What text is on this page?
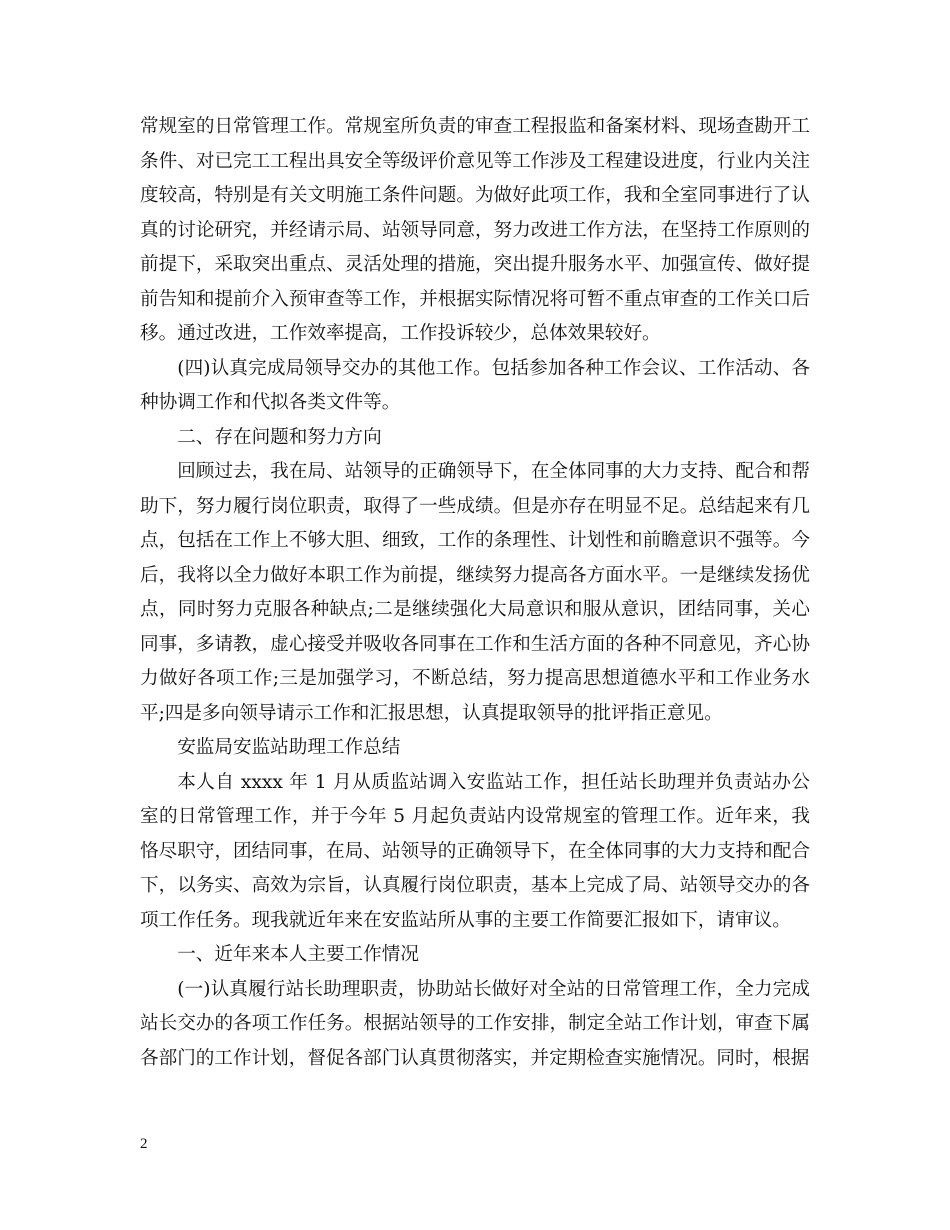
常规室的日常管理工作。常规室所负责的审查工程报监和备案材料、现场查勘开工条件、对已完工工程出具安全等级评价意见等工作涉及工程建设进度，行业内关注度较高，特别是有关文明施工条件问题。为做好此项工作，我和全室同事进行了认真的讨论研究，并经请示局、站领导同意，努力改进工作方法，在坚持工作原则的前提下，采取突出重点、灵活处理的措施，突出提升服务水平、加强宣传、做好提前告知和提前介入预审查等工作，并根据实际情况将可暂不重点审查的工作关口后移。通过改进，工作效率提高，工作投诉较少，总体效果较好。

(四)认真完成局领导交办的其他工作。包括参加各种工作会议、工作活动、各种协调工作和代拟各类文件等。

二、存在问题和努力方向

回顾过去，我在局、站领导的正确领导下，在全体同事的大力支持、配合和帮助下，努力履行岗位职责，取得了一些成绩。但是亦存在明显不足。总结起来有几点，包括在工作上不够大胆、细致，工作的条理性、计划性和前瞻意识不强等。今后，我将以全力做好本职工作为前提，继续努力提高各方面水平。一是继续发扬优点，同时努力克服各种缺点;二是继续强化大局意识和服从意识，团结同事，关心同事，多请教，虚心接受并吸收各同事在工作和生活方面的各种不同意见，齐心协力做好各项工作;三是加强学习，不断总结，努力提高思想道德水平和工作业务水平;四是多向领导请示工作和汇报思想，认真提取领导的批评指正意见。

安监局安监站助理工作总结

本人自 xxxx 年 1 月从质监站调入安监站工作，担任站长助理并负责站办公室的日常管理工作，并于今年 5 月起负责站内设常规室的管理工作。近年来，我恪尽职守，团结同事，在局、站领导的正确领导下，在全体同事的大力支持和配合下，以务实、高效为宗旨，认真履行岗位职责，基本上完成了局、站领导交办的各项工作任务。现我就近年来在安监站所从事的主要工作简要汇报如下，请审议。

一、近年来本人主要工作情况

(一)认真履行站长助理职责，协助站长做好对全站的日常管理工作，全力完成站长交办的各项工作任务。根据站领导的工作安排，制定全站工作计划，审查下属各部门的工作计划，督促各部门认真贯彻落实，并定期检查实施情况。同时，根据

2
